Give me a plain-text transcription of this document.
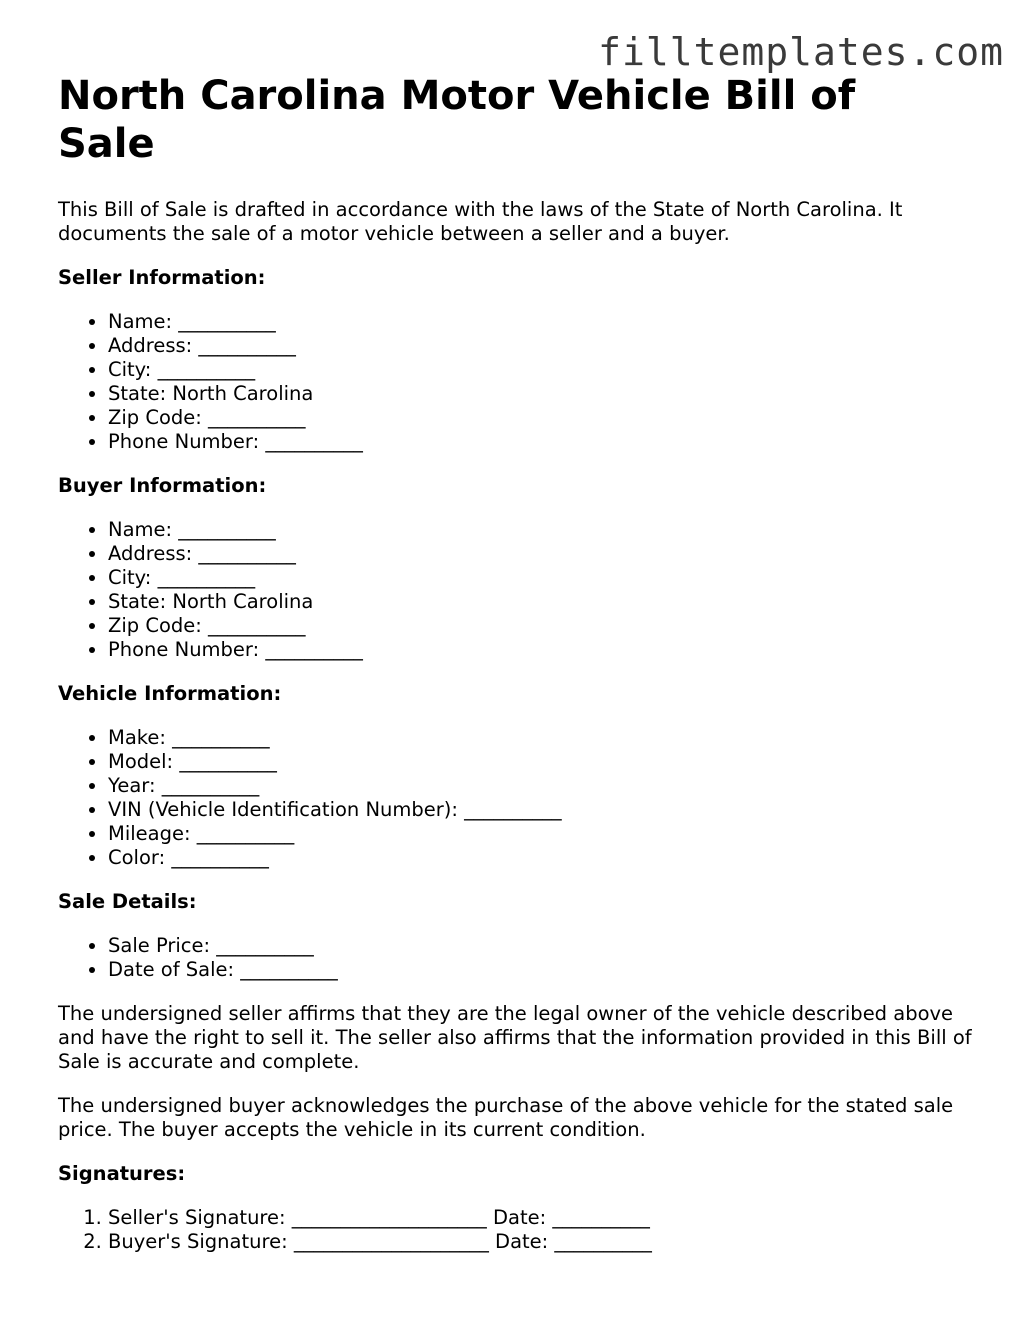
filltemplates.com
North Carolina Motor Vehicle Bill of Sale

This Bill of Sale is drafted in accordance with the laws of the State of North Carolina. It documents the sale of a motor vehicle between a seller and a buyer.

Seller Information:
• Name: __________
• Address: __________
• City: __________
• State: North Carolina
• Zip Code: __________
• Phone Number: __________
Buyer Information:
• Name: __________
• Address: __________
• City: __________
• State: North Carolina
• Zip Code: __________
• Phone Number: __________
Vehicle Information:
• Make: __________
• Model: __________
• Year: __________
• VIN (Vehicle Identification Number): __________
• Mileage: __________
• Color: __________
Sale Details:
• Sale Price: __________
• Date of Sale: __________

The undersigned seller affirms that they are the legal owner of the vehicle described above and have the right to sell it. The seller also affirms that the information provided in this Bill of Sale is accurate and complete.

The undersigned buyer acknowledges the purchase of the above vehicle for the stated sale price. The buyer accepts the vehicle in its current condition.

Signatures:
1. Seller's Signature: ____________________ Date: __________
2. Buyer's Signature: ____________________ Date: __________
